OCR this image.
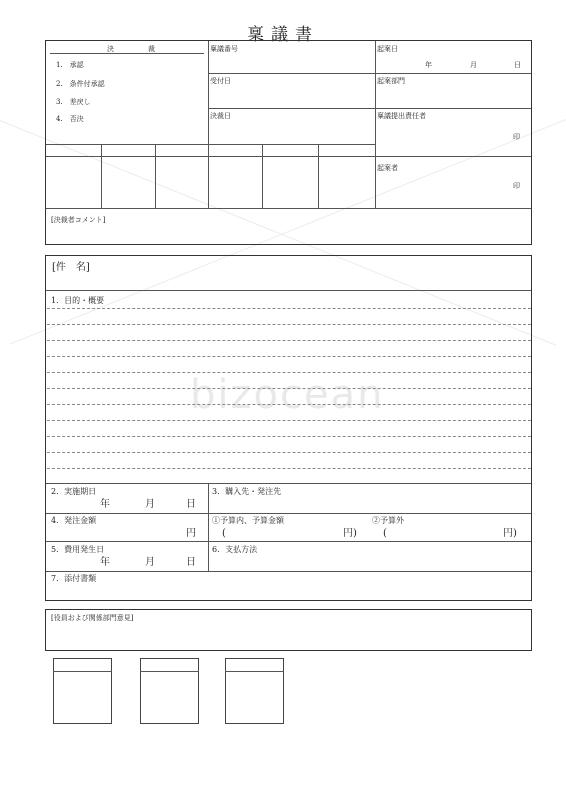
bizocean
稟議書
決	裁
1.　承認
2.　条件付承認
3.　差戻し
4.　否決
稟議番号
受付日
決裁日
起案日
年	月	日
起案部門
稟議提出責任者
印
起案者
印
[決裁者コメント]
[件　名]
1．目的・概要
2．実施期日
年	月	日
3．購入先・発注先
4．発注金額
円
①予算内、予算金額
(	円)
②予算外
(	円)
5．費用発生日
年	月	日
6．支払方法
7．添付書類
[役員および関係部門意見]
